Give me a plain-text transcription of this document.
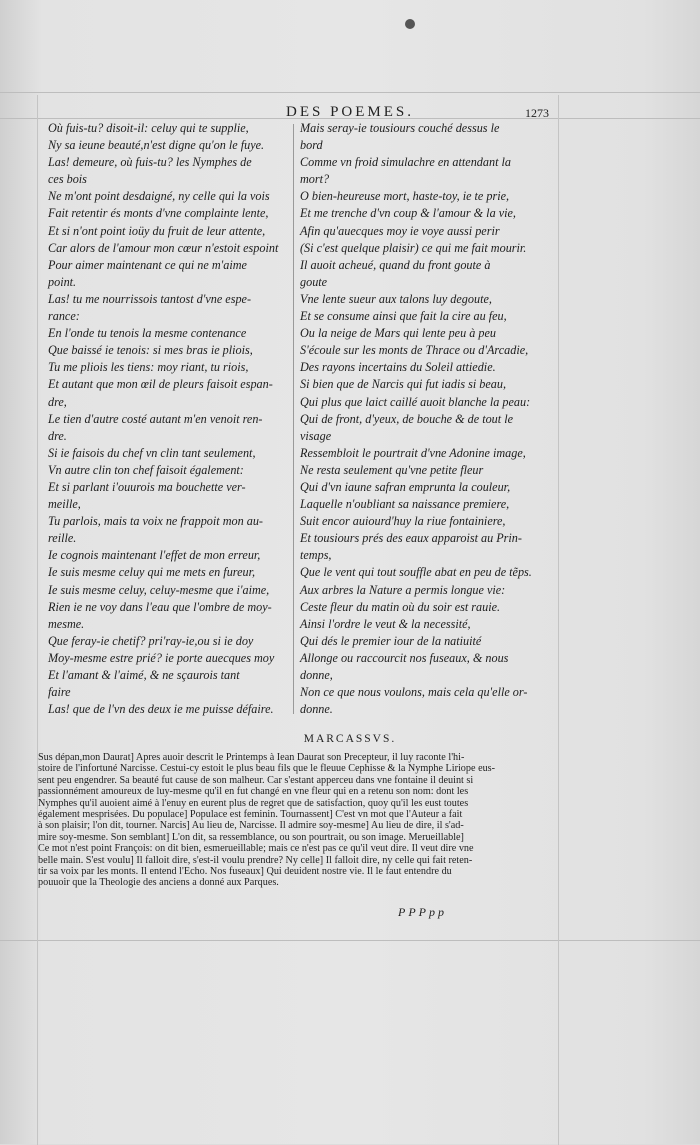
DES POEMES.	1273
Où fuis-tu? disoit-il: celuy qui te supplie,
Ny sa ieune beauté,n'est digne qu'on le fuye.
Las! demeure, où fuis-tu? les Nymphes de
ces bois
Ne m'ont point desdaigné, ny celle qui la vois
Fait retentir és monts d'vne complainte lente,
Et si n'ont point ioüy du fruit de leur attente,
Car alors de l'amour mon cœur n'estoit espoint
Pour aimer maintenant ce qui ne m'aime
point.
Las! tu me nourrissois tantost d'vne espe-
rance:
En l'onde tu tenois la mesme contenance
Que baissé ie tenois: si mes bras ie pliois,
Tu me pliois les tiens: moy riant, tu riois,
Et autant que mon œil de pleurs faisoit espan-
dre,
Le tien d'autre costé autant m'en venoit ren-
dre.
Si ie faisois du chef vn clin tant seulement,
Vn autre clin ton chef faisoit également:
Et si parlant i'ouurois ma bouchette ver-
meille,
Tu parlois, mais ta voix ne frappoit mon au-
reille.
Ie cognois maintenant l'effet de mon erreur,
Ie suis mesme celuy qui me mets en fureur,
Ie suis mesme celuy, celuy-mesme que i'aime,
Rien ie ne voy dans l'eau que l'ombre de moy-
mesme.
Que feray-ie chetif? pri'ray-ie,ou si ie doy
Moy-mesme estre prié? ie porte auecques moy
Et l'amant & l'aimé, & ne sçaurois tant
faire
Las! que de l'vn des deux ie me puisse défaire.
Mais seray-ie tousiours couché dessus le
bord
Comme vn froid simulachre en attendant la
mort?
O bien-heureuse mort, haste-toy, ie te prie,
Et me trenche d'vn coup & l'amour & la vie,
Afin qu'auecques moy ie voye aussi perir
(Si c'est quelque plaisir) ce qui me fait mourir.
Il auoit acheué, quand du front goute à
goute
Vne lente sueur aux talons luy degoute,
Et se consume ainsi que fait la cire au feu,
Ou la neige de Mars qui lente peu à peu
S'écoule sur les monts de Thrace ou d'Arcadie,
Des rayons incertains du Soleil attiedie.
Si bien que de Narcis qui fut iadis si beau,
Qui plus que laict caillé auoit blanche la peau:
Qui de front, d'yeux, de bouche & de tout le
visage
Ressembloit le pourtrait d'vne Adonine image,
Ne resta seulement qu'vne petite fleur
Qui d'vn iaune safran emprunta la couleur,
Laquelle n'oubliant sa naissance premiere,
Suit encor auiourd'huy la riue fontainiere,
Et tousiours prés des eaux apparoist au Prin-
temps,
Que le vent qui tout souffle abat en peu de tẽps.
Aux arbres la Nature a permis longue vie:
Ceste fleur du matin où du soir est rauie.
Ainsi l'ordre le veut & la necessité,
Qui dés le premier iour de la natiuité
Allonge ou raccourcit nos fuseaux, & nous
donne,
Non ce que nous voulons, mais cela qu'elle or-
donne.
MARCASSVS.
Sus dépan,mon Daurat] Apres auoir descrit le Printemps à Iean Daurat son Precepteur, il luy raconte l'hi-
stoire de l'infortuné Narcisse. Cestui-cy estoit le plus beau fils que le fleuue Cephisse & la Nymphe Liriope eus-
sent peu engendrer. Sa beauté fut cause de son malheur. Car s'estant apperceu dans vne fontaine il deuint si
passionnément amoureux de luy-mesme qu'il en fut changé en vne fleur qui en a retenu son nom: dont les
Nymphes qu'il auoient aimé à l'enuy en eurent plus de regret que de satisfaction, quoy qu'il les eust toutes
également mesprisées. Du populace] Populace est feminin. Tournassent] C'est vn mot que l'Auteur a fait
à son plaisir; l'on dit, tourner. Narcis] Au lieu de, Narcisse. Il admire soy-mesme] Au lieu de dire, il s'ad-
mire soy-mesme. Son semblant] L'on dit, sa ressemblance, ou son pourtrait, ou son image. Merueillable]
Ce mot n'est point François: on dit bien, esmerueillable; mais ce n'est pas ce qu'il veut dire. Il veut dire vne
belle main. S'est voulu] Il falloit dire, s'est-il voulu prendre? Ny celle] Il falloit dire, ny celle qui fait reten-
tir sa voix par les monts. Il entend l'Echo. Nos fuseaux] Qui deuident nostre vie. Il le faut entendre du
pouuoir que la Theologie des anciens a donné aux Parques.
PPPpp
